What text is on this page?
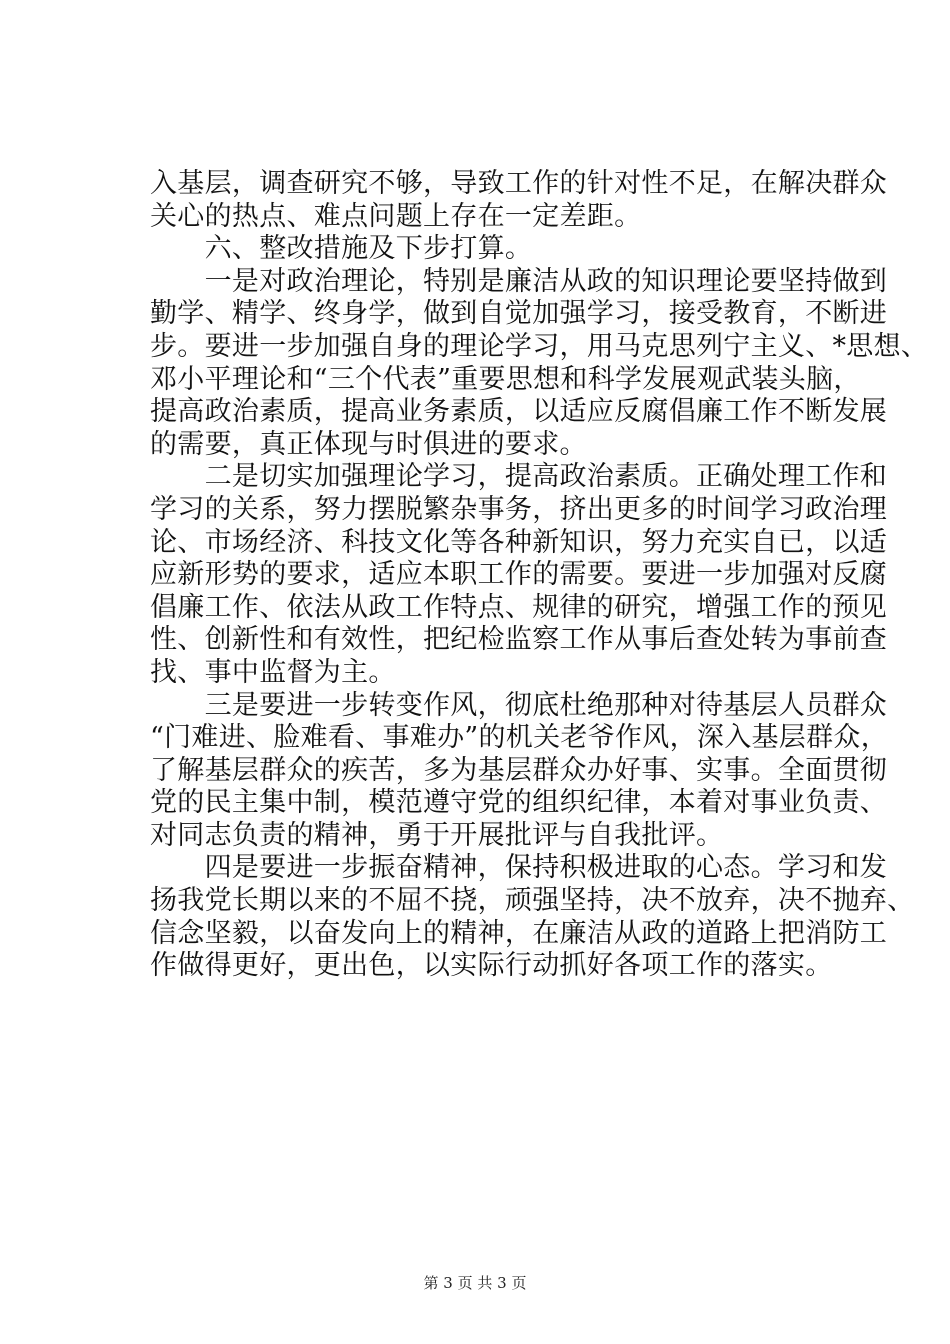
入基层，调查研究不够，导致工作的针对性不足，在解决群众
关心的热点、难点问题上存在一定差距。
　　六、整改措施及下步打算。
　　一是对政治理论，特别是廉洁从政的知识理论要坚持做到
勤学、精学、终身学，做到自觉加强学习，接受教育，不断进
步。要进一步加强自身的理论学习，用马克思列宁主义、*思想、
邓小平理论和“三个代表”重要思想和科学发展观武装头脑，
提高政治素质，提高业务素质，以适应反腐倡廉工作不断发展
的需要，真正体现与时俱进的要求。
　　二是切实加强理论学习，提高政治素质。正确处理工作和
学习的关系，努力摆脱繁杂事务，挤出更多的时间学习政治理
论、市场经济、科技文化等各种新知识，努力充实自已，以适
应新形势的要求，适应本职工作的需要。要进一步加强对反腐
倡廉工作、依法从政工作特点、规律的研究，增强工作的预见
性、创新性和有效性，把纪检监察工作从事后查处转为事前查
找、事中监督为主。
　　三是要进一步转变作风，彻底杜绝那种对待基层人员群众
“门难进、脸难看、事难办”的机关老爷作风，深入基层群众，
了解基层群众的疾苦，多为基层群众办好事、实事。全面贯彻
党的民主集中制，模范遵守党的组织纪律，本着对事业负责、
对同志负责的精神，勇于开展批评与自我批评。
　　四是要进一步振奋精神，保持积极进取的心态。学习和发
扬我党长期以来的不屈不挠，顽强坚持，决不放弃，决不抛弃、
信念坚毅，以奋发向上的精神，在廉洁从政的道路上把消防工
作做得更好，更出色，以实际行动抓好各项工作的落实。
第 3 页 共 3 页
